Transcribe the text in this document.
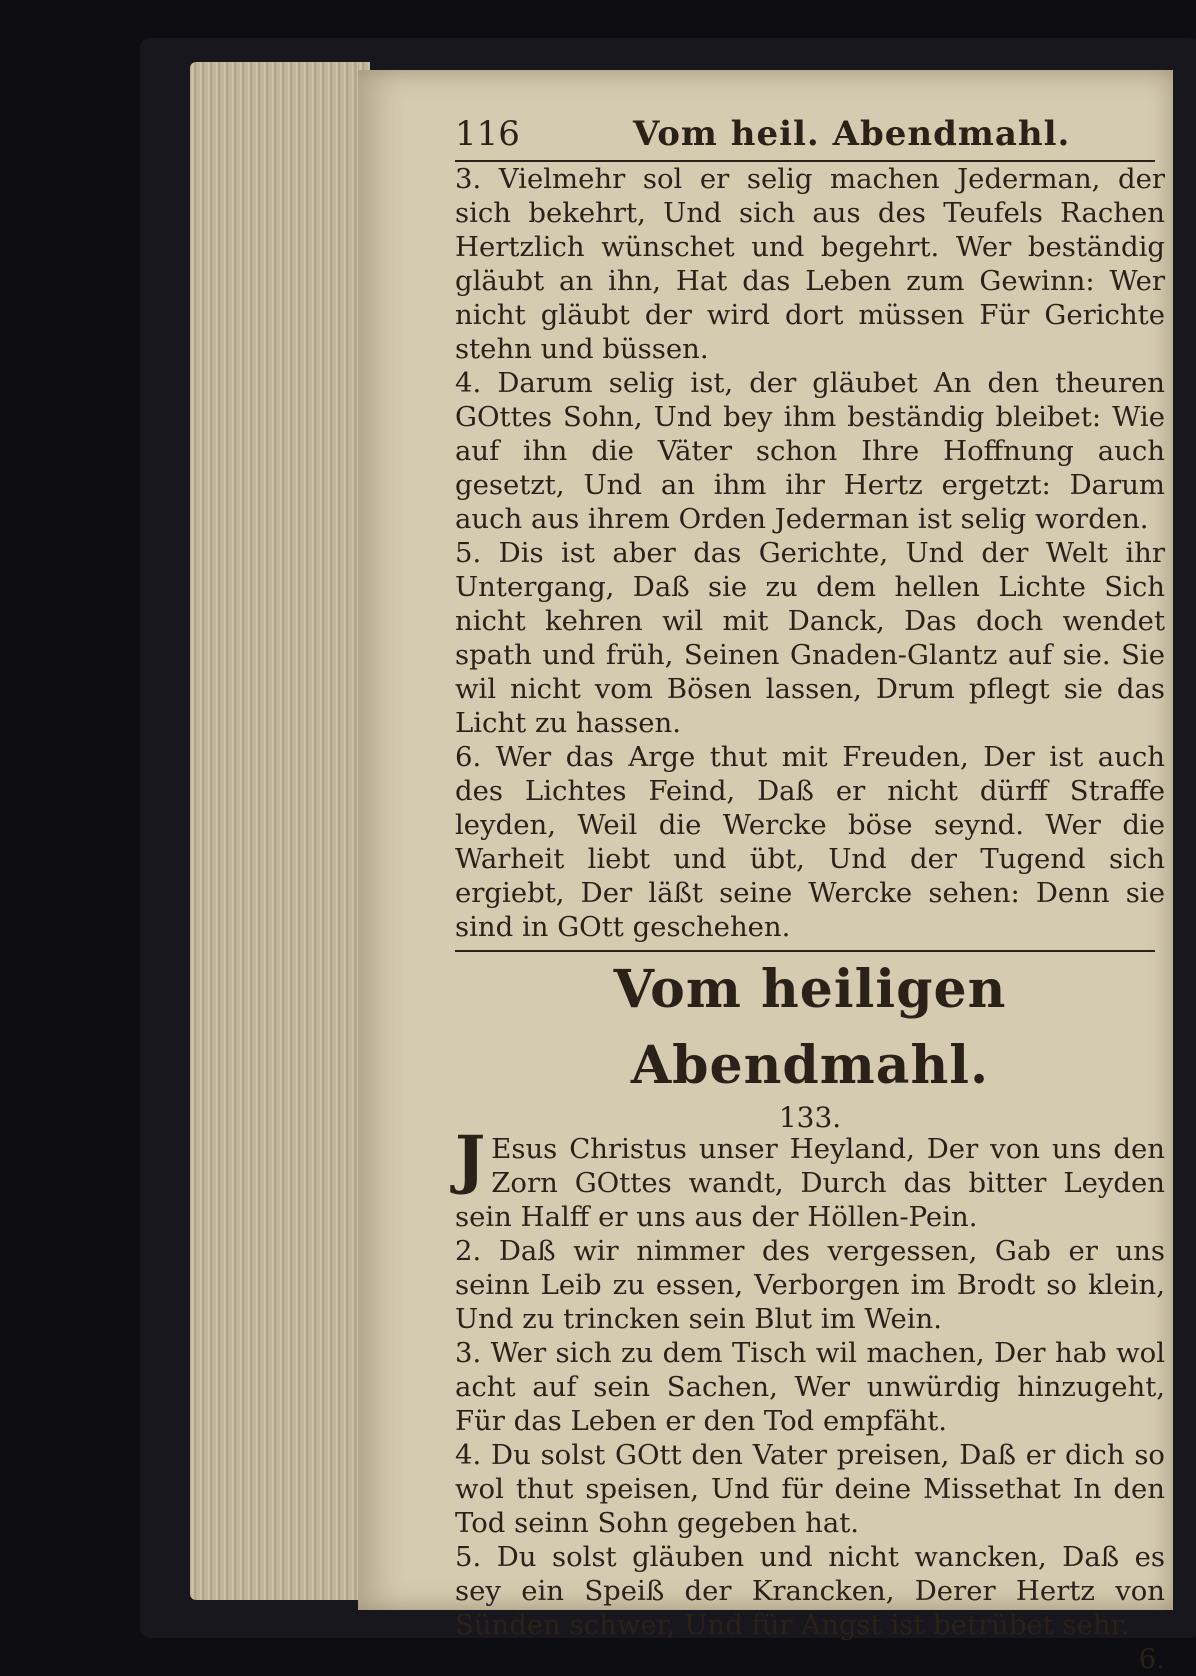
116	Vom heil. Abendmahl.

3. Vielmehr sol er selig machen Jederman, der sich bekehrt, Und sich aus des Teufels Rachen Hertzlich wünschet und begehrt. Wer beständig gläubt an ihn, Hat das Leben zum Gewinn: Wer nicht gläubt der wird dort müssen Für Gerichte stehn und büssen.

4. Darum selig ist, der gläubet An den theuren GOttes Sohn, Und bey ihm beständig bleibet: Wie auf ihn die Väter schon Ihre Hoffnung auch gesetzt, Und an ihm ihr Hertz ergetzt: Darum auch aus ihrem Orden Jederman ist selig worden.

5. Dis ist aber das Gerichte, Und der Welt ihr Untergang, Daß sie zu dem hellen Lichte Sich nicht kehren wil mit Danck, Das doch wendet spath und früh, Seinen Gnaden-Glantz auf sie. Sie wil nicht vom Bösen lassen, Drum pflegt sie das Licht zu hassen.

6. Wer das Arge thut mit Freuden, Der ist auch des Lichtes Feind, Daß er nicht dürff Straffe leyden, Weil die Wercke böse seynd. Wer die Warheit liebt und übt, Und der Tugend sich ergiebt, Der läßt seine Wercke sehen: Denn sie sind in GOtt geschehen.

Vom heiligen Abendmahl.

133.

J Esus Christus unser Heyland, Der von uns den Zorn GOttes wandt, Durch das bitter Leyden sein Halff er uns aus der Höllen-Pein.

2. Daß wir nimmer des vergessen, Gab er uns seinn Leib zu essen, Verborgen im Brodt so klein, Und zu trincken sein Blut im Wein.

3. Wer sich zu dem Tisch wil machen, Der hab wol acht auf sein Sachen, Wer unwürdig hinzugeht, Für das Leben er den Tod empfäht.

4. Du solst GOtt den Vater preisen, Daß er dich so wol thut speisen, Und für deine Missethat In den Tod seinn Sohn gegeben hat.

5. Du solst gläuben und nicht wancken, Daß es sey ein Speiß der Krancken, Derer Hertz von Sünden schwer, Und für Angst ist betrübet sehr.

6.
